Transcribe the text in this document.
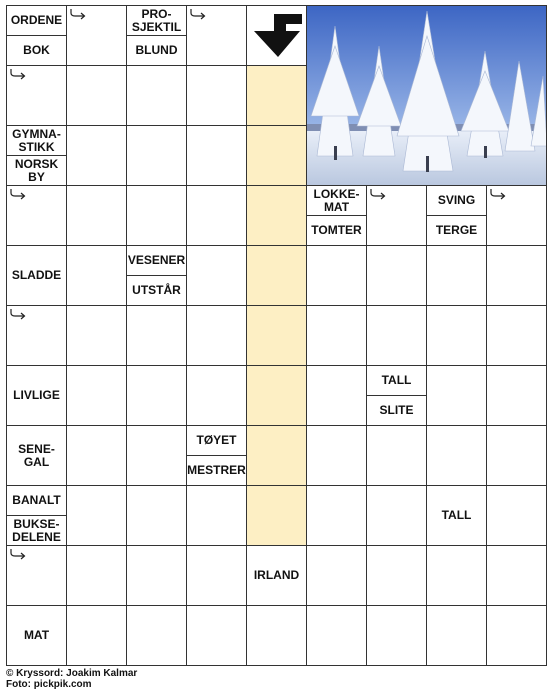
ORDENE
BOK
PRO-
SJEKTIL
BLUND
GYMNA-
STIKK
NORSK
BY
LOKKE-
MAT
TOMTER
SVING
TERGE
SLADDE
VESENER
UTSTÅR
LIVLIGE
TALL
SLITE
SENE-
GAL
TØYET
MESTRER
BANALT
BUKSE-
DELENE
TALL
IRLAND
MAT
© Kryssord: Joakim Kalmar
Foto: pickpik.com
